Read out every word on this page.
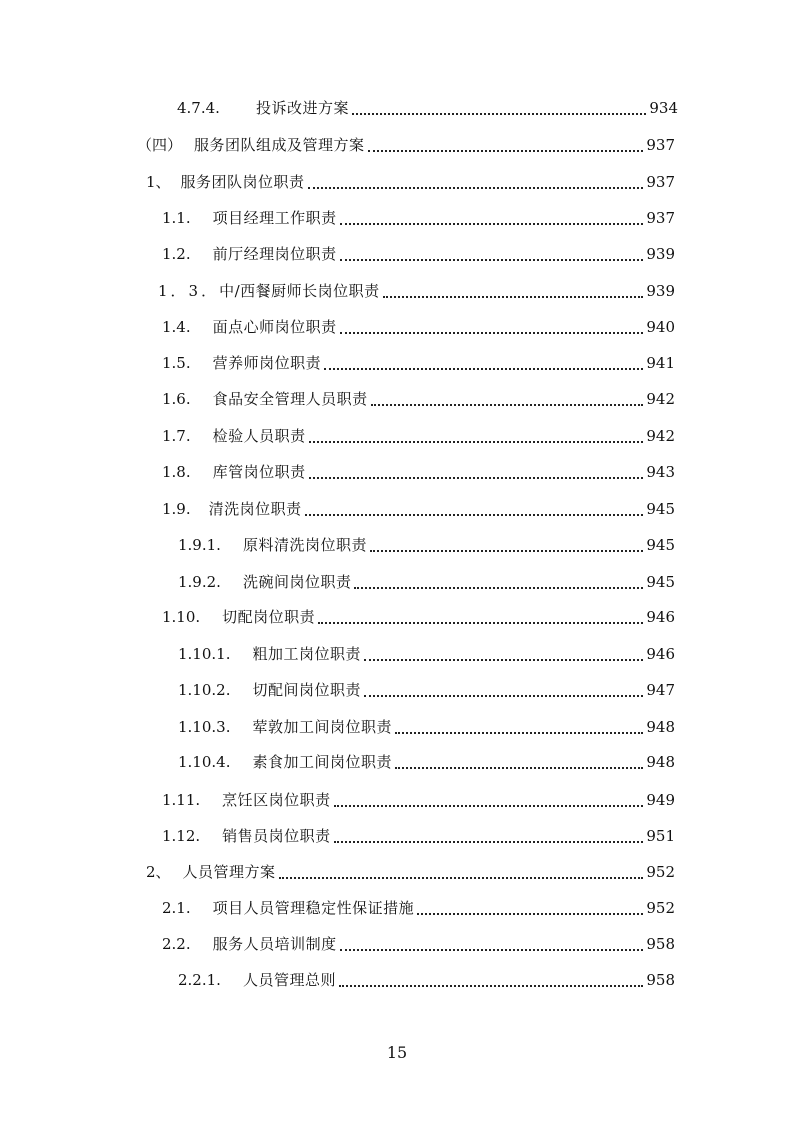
4.7.4. 投诉改进方案	934
（四） 服务团队组成及管理方案	937
1、 服务团队岗位职责	937
1.1. 项目经理工作职责	937
1.2. 前厅经理岗位职责	939
1．3． 中/西餐厨师长岗位职责	939
1.4. 面点心师岗位职责	940
1.5. 营养师岗位职责	941
1.6. 食品安全管理人员职责	942
1.7. 检验人员职责	942
1.8. 库管岗位职责	943
1.9. 清洗岗位职责	945
1.9.1. 原料清洗岗位职责	945
1.9.2. 洗碗间岗位职责	945
1.10. 切配岗位职责	946
1.10.1. 粗加工岗位职责	946
1.10.2. 切配间岗位职责	947
1.10.3. 荤敦加工间岗位职责	948
1.10.4. 素食加工间岗位职责	948
1.11. 烹饪区岗位职责	949
1.12. 销售员岗位职责	951
2、 人员管理方案	952
2.1. 项目人员管理稳定性保证措施	952
2.2. 服务人员培训制度	958
2.2.1. 人员管理总则	958
15
